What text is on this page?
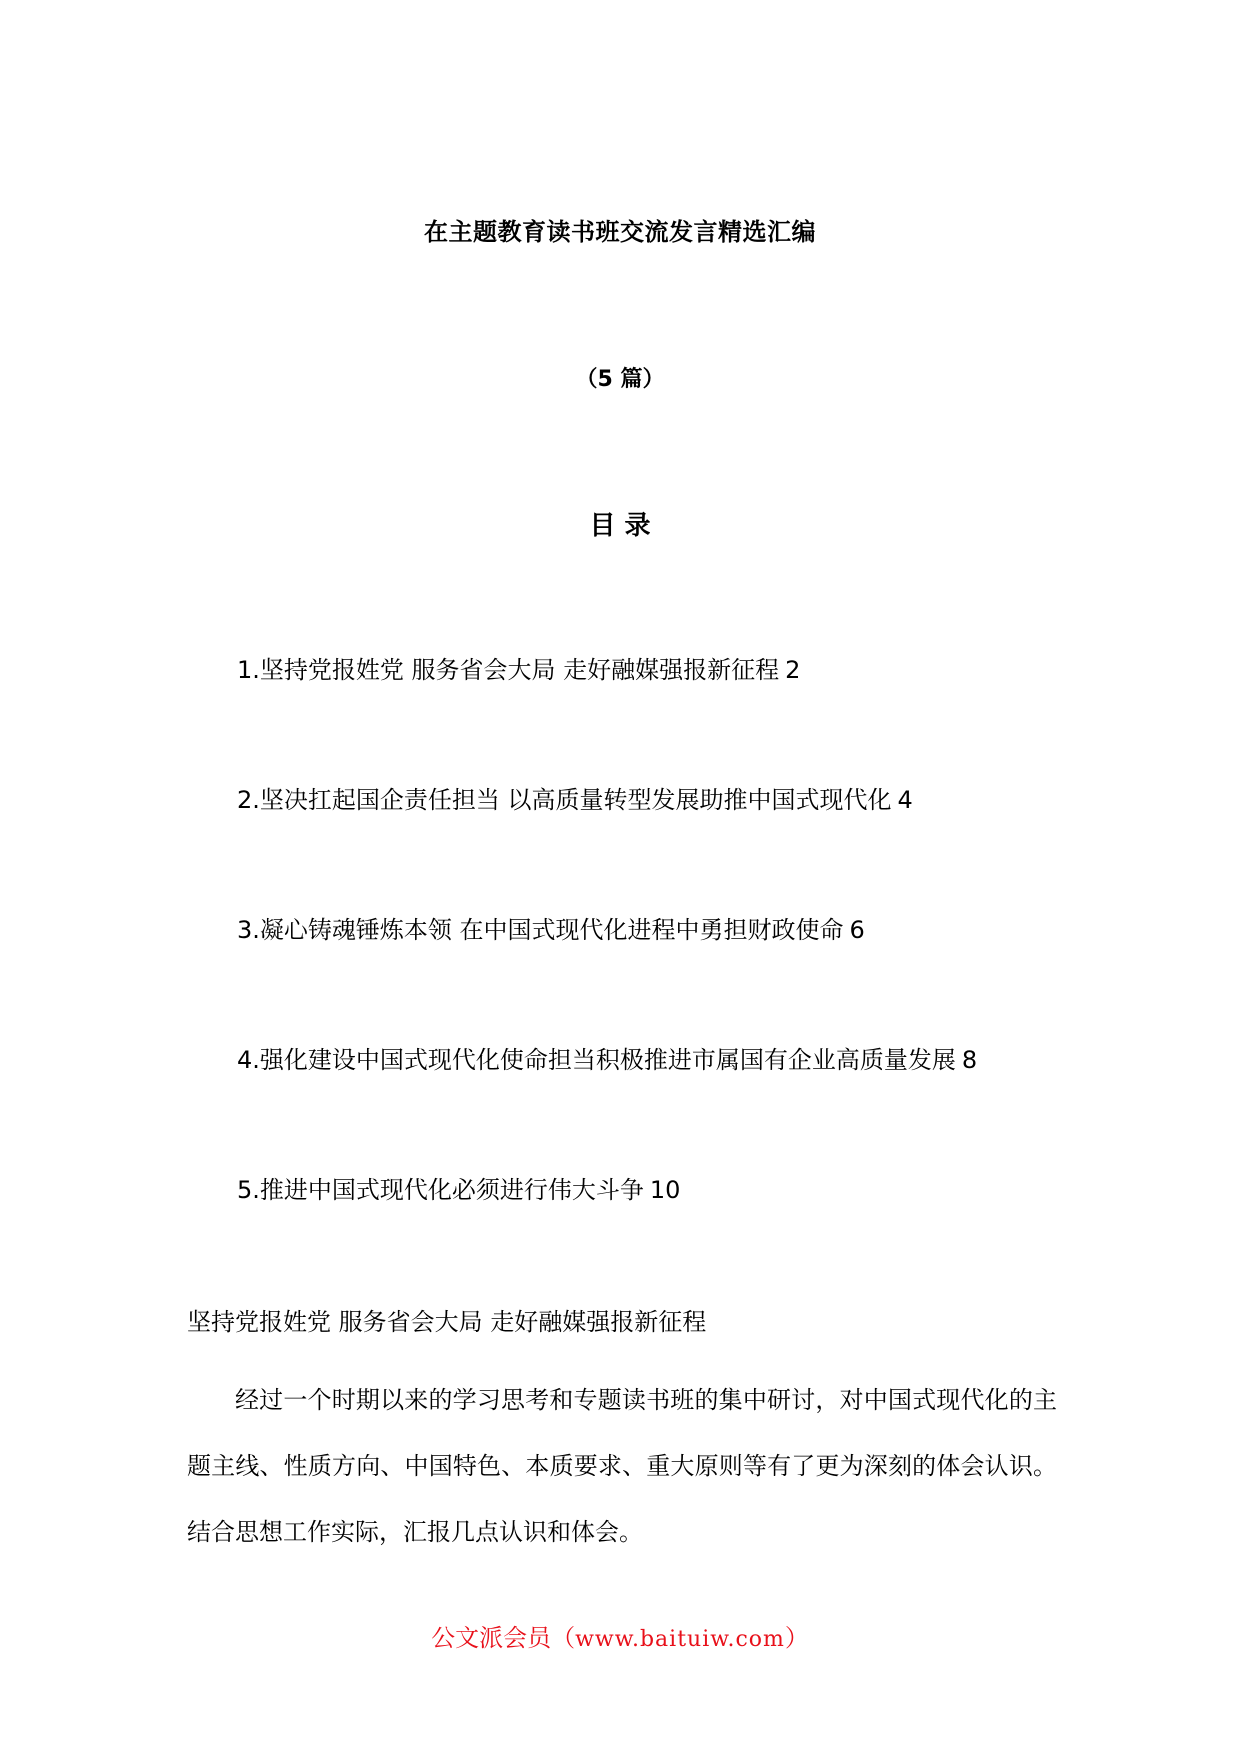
在主题教育读书班交流发言精选汇编
（5 篇）
目 录
1.坚持党报姓党 服务省会大局 走好融媒强报新征程 2
2.坚决扛起国企责任担当 以高质量转型发展助推中国式现代化 4
3.凝心铸魂锤炼本领 在中国式现代化进程中勇担财政使命 6
4.强化建设中国式现代化使命担当积极推进市属国有企业高质量发展 8
5.推进中国式现代化必须进行伟大斗争 10
坚持党报姓党 服务省会大局 走好融媒强报新征程

经过一个时期以来的学习思考和专题读书班的集中研讨，对中国式现代化的主题主线、性质方向、中国特色、本质要求、重大原则等有了更为深刻的体会认识。结合思想工作实际，汇报几点认识和体会。

公文派会员（www.baituiw.com）
